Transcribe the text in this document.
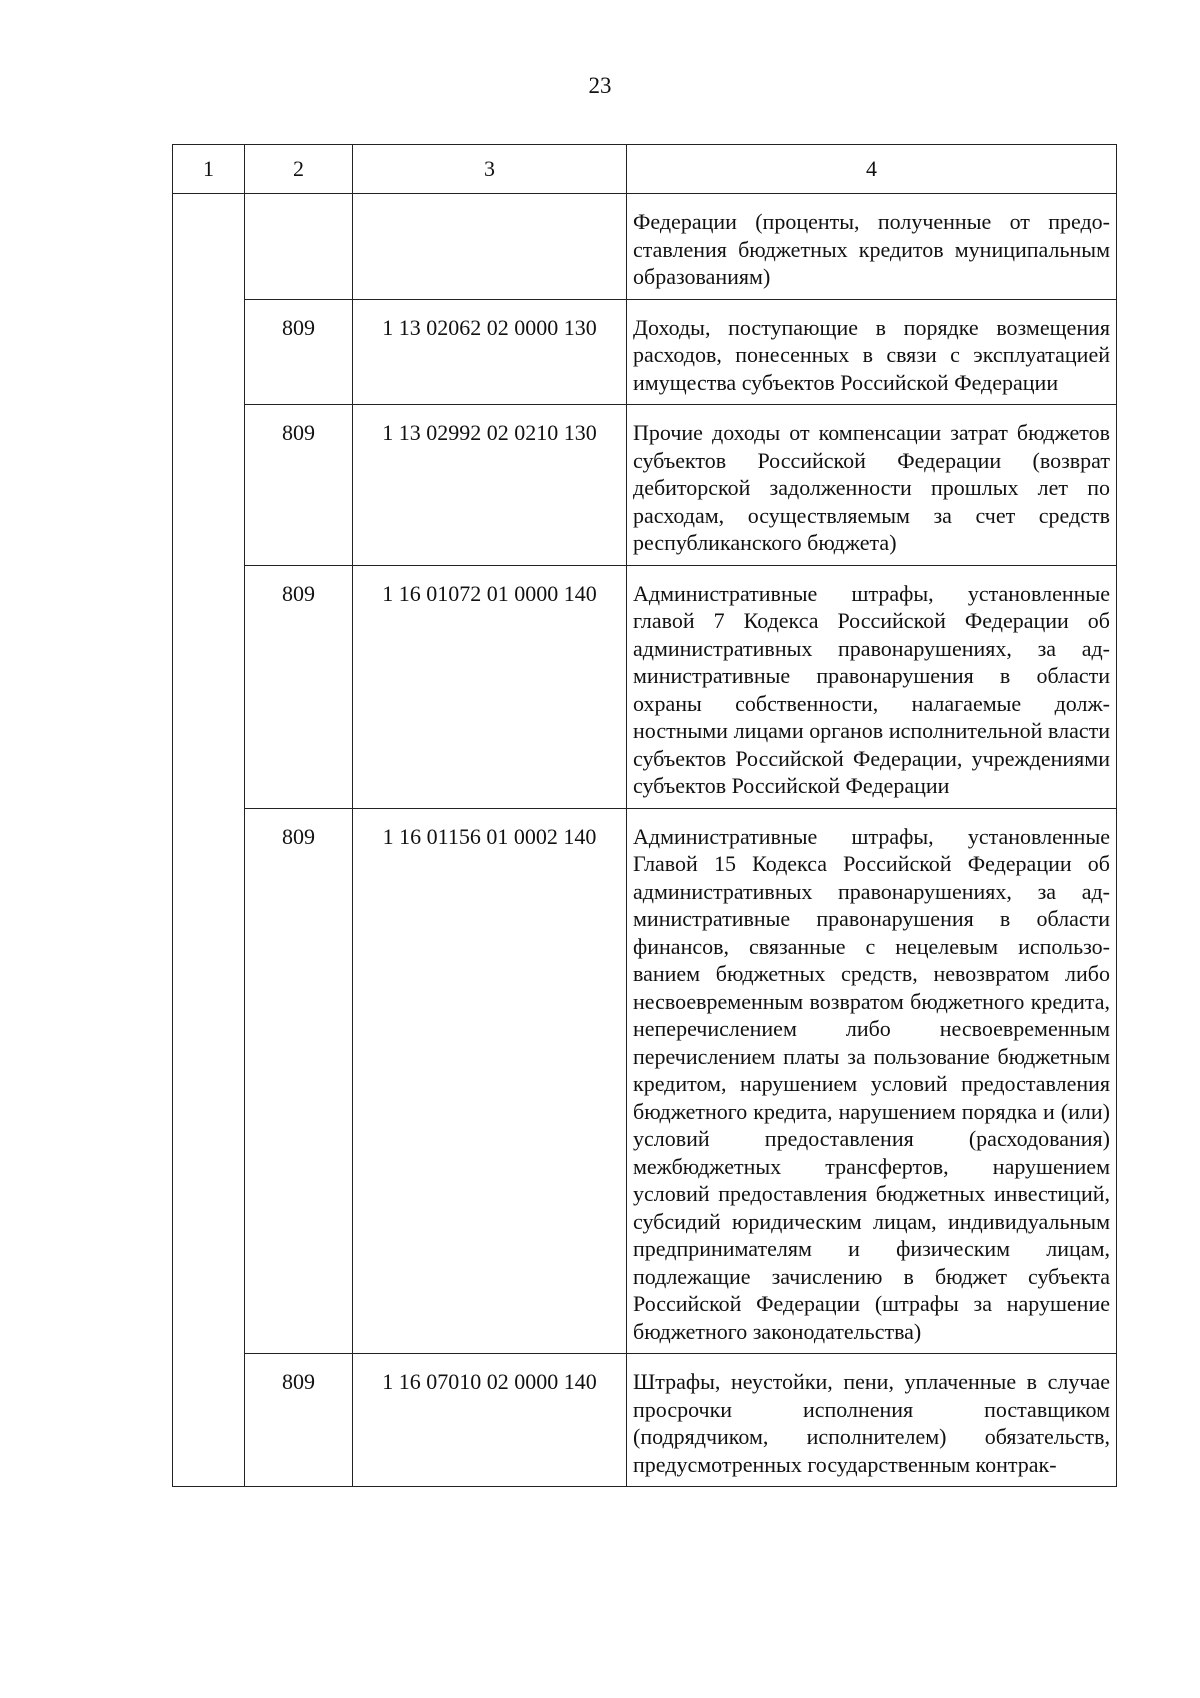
23
1	2	3	4
			Федерации (проценты, полученные от предоставления бюджетных кредитов муниципальным образованиям)
	809	1 13 02062 02 0000 130	Доходы, поступающие в порядке возмещения расходов, понесенных в связи с эксплуатацией имущества субъектов Российской Федерации
	809	1 13 02992 02 0210 130	Прочие доходы от компенсации затрат бюджетов субъектов Российской Федерации (возврат дебиторской задолженности прошлых лет по расходам, осуществляемым за счет средств республиканского бюджета)
	809	1 16 01072 01 0000 140	Административные штрафы, установленные главой 7 Кодекса Российской Федерации об административных правонарушениях, за административные правонарушения в области охраны собственности, налагаемые должностными лицами органов исполнительной власти субъектов Российской Федерации, учреждениями субъектов Российской Федерации
	809	1 16 01156 01 0002 140	Административные штрафы, установленные Главой 15 Кодекса Российской Федерации об административных правонарушениях, за административные правонарушения в области финансов, связанные с нецелевым использованием бюджетных средств, невозвратом либо несвоевременным возвратом бюджетного кредита, неперечислением либо несвоевременным перечислением платы за пользование бюджетным кредитом, нарушением условий предоставления бюджетного кредита, нарушением порядка и (или) условий предоставления (расходования) межбюджетных трансфертов, нарушением условий предоставления бюджетных инвестиций, субсидий юридическим лицам, индивидуальным предпринимателям и физическим лицам, подлежащие зачислению в бюджет субъекта Российской Федерации (штрафы за нарушение бюджетного законодательства)
	809	1 16 07010 02 0000 140	Штрафы, неустойки, пени, уплаченные в случае просрочки исполнения поставщиком (подрядчиком, исполнителем) обязательств, предусмотренных государственным контрак-
